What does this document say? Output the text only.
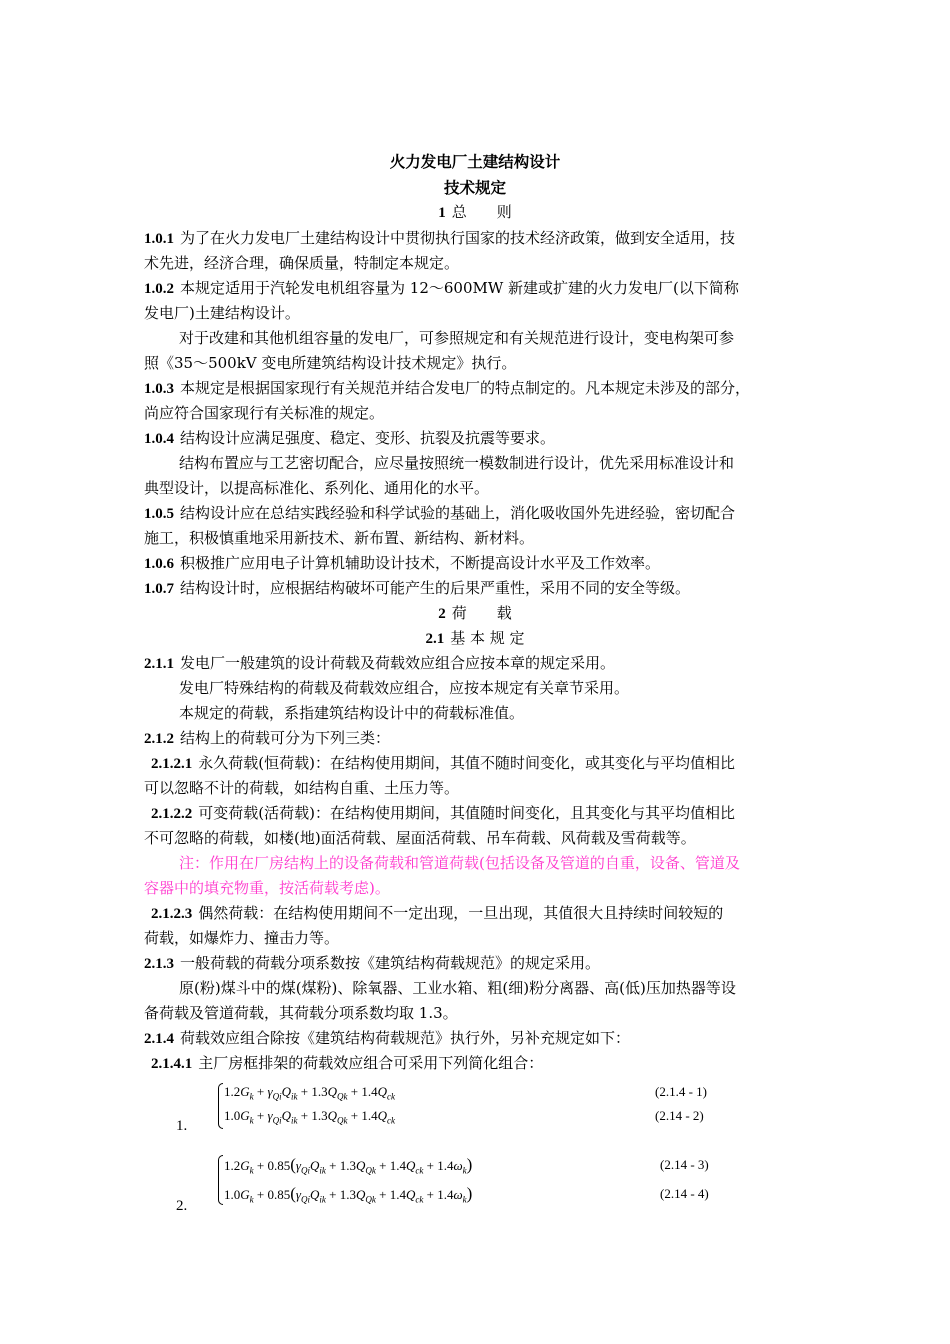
火力发电厂土建结构设计
技术规定
1 总　　则
1.0.1 为了在火力发电厂土建结构设计中贯彻执行国家的技术经济政策，做到安全适用，技
术先进，经济合理，确保质量，特制定本规定。
1.0.2 本规定适用于汽轮发电机组容量为 12～600MW 新建或扩建的火力发电厂(以下简称
发电厂)土建结构设计。
对于改建和其他机组容量的发电厂，可参照规定和有关规范进行设计，变电构架可参
照《35～500kV 变电所建筑结构设计技术规定》执行。
1.0.3 本规定是根据国家现行有关规范并结合发电厂的特点制定的。凡本规定未涉及的部分，
尚应符合国家现行有关标准的规定。
1.0.4 结构设计应满足强度、稳定、变形、抗裂及抗震等要求。
结构布置应与工艺密切配合，应尽量按照统一模数制进行设计，优先采用标准设计和
典型设计，以提高标准化、系列化、通用化的水平。
1.0.5 结构设计应在总结实践经验和科学试验的基础上，消化吸收国外先进经验，密切配合
施工，积极慎重地采用新技术、新布置、新结构、新材料。
1.0.6 积极推广应用电子计算机辅助设计技术，不断提高设计水平及工作效率。
1.0.7 结构设计时，应根据结构破坏可能产生的后果严重性，采用不同的安全等级。
2 荷　　载
2.1 基 本 规 定
2.1.1 发电厂一般建筑的设计荷载及荷载效应组合应按本章的规定采用。
发电厂特殊结构的荷载及荷载效应组合，应按本规定有关章节采用。
本规定的荷载，系指建筑结构设计中的荷载标准值。
2.1.2 结构上的荷载可分为下列三类：
2.1.2.1 永久荷载(恒荷载)：在结构使用期间，其值不随时间变化，或其变化与平均值相比
可以忽略不计的荷载，如结构自重、土压力等。
2.1.2.2 可变荷载(活荷载)：在结构使用期间，其值随时间变化，且其变化与其平均值相比
不可忽略的荷载，如楼(地)面活荷载、屋面活荷载、吊车荷载、风荷载及雪荷载等。
注：作用在厂房结构上的设备荷载和管道荷载(包括设备及管道的自重，设备、管道及
容器中的填充物重，按活荷载考虑)。
2.1.2.3 偶然荷载：在结构使用期间不一定出现，一旦出现，其值很大且持续时间较短的
荷载，如爆炸力、撞击力等。
2.1.3 一般荷载的荷载分项系数按《建筑结构荷载规范》的规定采用。
原(粉)煤斗中的煤(煤粉)、除氧器、工业水箱、粗(细)粉分离器、高(低)压加热器等设
备荷载及管道荷载，其荷载分项系数均取 1.3。
2.1.4 荷载效应组合除按《建筑结构荷载规范》执行外，另补充规定如下：
2.1.4.1 主厂房框排架的荷载效应组合可采用下列简化组合：
$1.2G_k + \gamma_{Qi}Q_{ik} + 1.3Q_{Qk} + 1.4Q_{ck}$
$1.0G_k + \gamma_{Qi}Q_{ik} + 1.3Q_{Qk} + 1.4Q_{ck}$
(2.1.4 - 1)
(2.14 - 2)
1.
$1.2G_k + 0.85(\gamma_{Qi}Q_{ik} + 1.3Q_{Qk} + 1.4Q_{ck} + 1.4\omega_k)$
$1.0G_k + 0.85(\gamma_{Qi}Q_{ik} + 1.3Q_{Qk} + 1.4Q_{ck} + 1.4\omega_k)$
(2.14 - 3)
(2.14 - 4)
2.
